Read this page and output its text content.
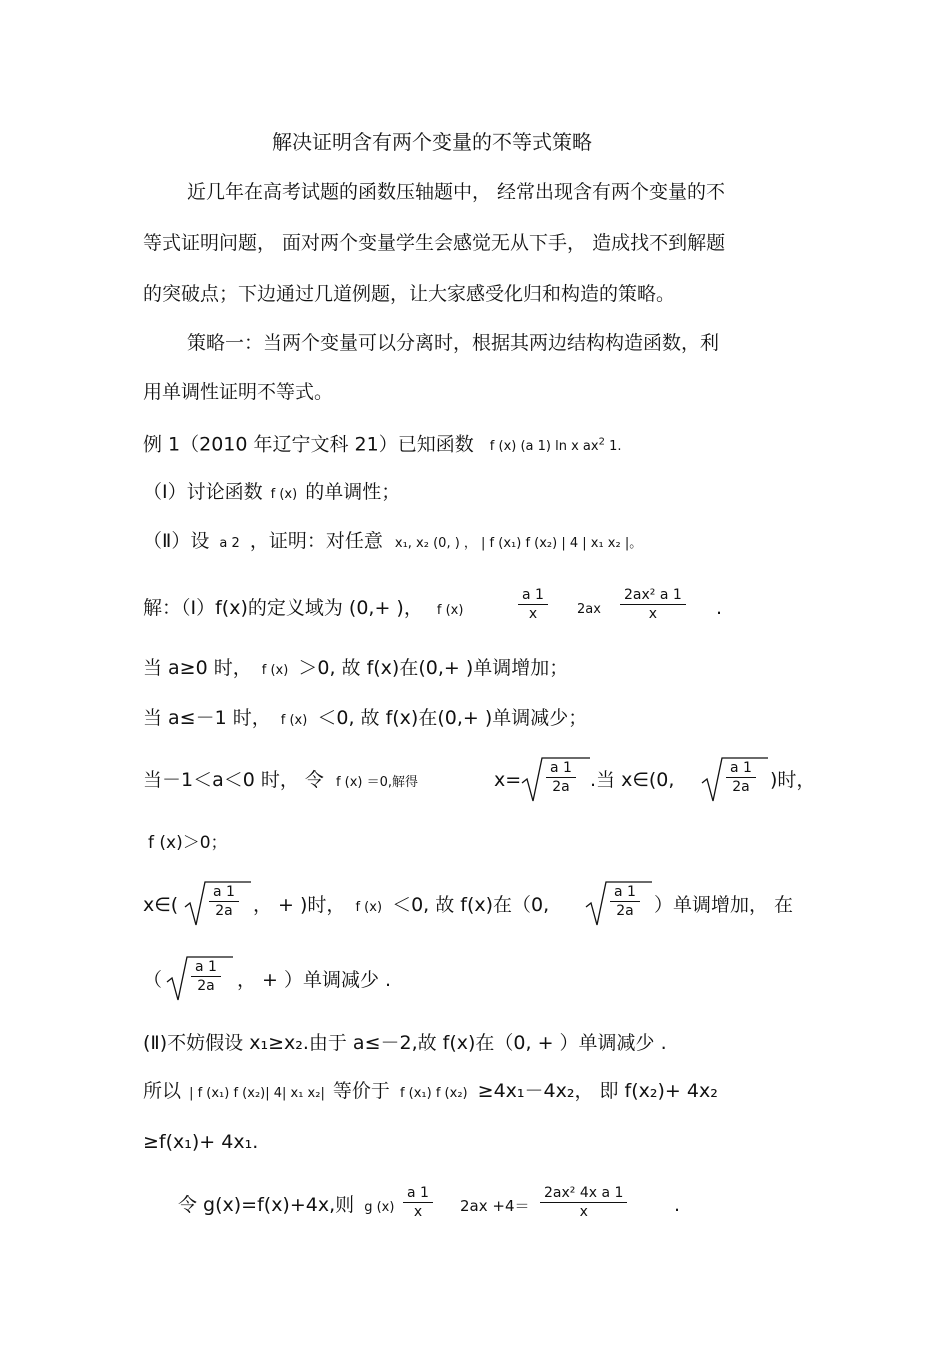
解决证明含有两个变量的不等式策略
近几年在高考试题的函数压轴题中， 经常出现含有两个变量的不
等式证明问题， 面对两个变量学生会感觉无从下手， 造成找不到解题
的突破点；下边通过几道例题，让大家感受化归和构造的策略。
策略一：当两个变量可以分离时，根据其两边结构构造函数，利
用单调性证明不等式。
例 1（2010 年辽宁文科 21）已知函数 f (x) (a 1) ln x $ax^2$ 1.
（Ⅰ）讨论函数 f (x) 的单调性；
（Ⅱ）设 a 2 ，证明：对任意 x₁, x₂ (0, ) ， | f (x₁) f (x₂) | 4 | x₁ x₂ |。
解：（Ⅰ）f(x)的定义域为 (0,+ )， f (x)	$\frac{a 1}{x} 2ax \frac{\text{2ax² a 1}}{x}$ .
当 a≥0 时， f (x) ＞0, 故 f(x)在(0,+ )单调增加；
当 a≤－1 时， f (x) ＜0, 故 f(x)在(0,+ )单调减少；
当－1＜a＜0 时， 令 f (x) ＝0,解得	$x= \frac{a 1}{2a}$ .当 x∈(0,	$\frac{a 1}{2a}$ )时，
f (x)＞0；
x∈( $\frac{a 1}{2a}$ ， + )时， f (x) ＜0, 故 f(x)在（0,	$\frac{a 1}{2a}$ ）单调增加， 在
（ $\frac{a 1}{2a}$ ， + ）单调减少 .
(Ⅱ)不妨假设 x₁≥x₂.由于 a≤－2,故 f(x)在（0, + ）单调减少 .
所以 | f (x₁) f (x₂)| 4| x₁ x₂| 等价于 f (x₁) f (x₂) ≥4x₁－4x₂， 即 f(x₂)+ 4x₂
≥f(x₁)+ 4x₁.
令 g(x)=f(x)+4x,则 g $(x) \frac{a 1}{x} 2ax +4= \frac{\text{2ax² 4x a 1}}{x}$ .
